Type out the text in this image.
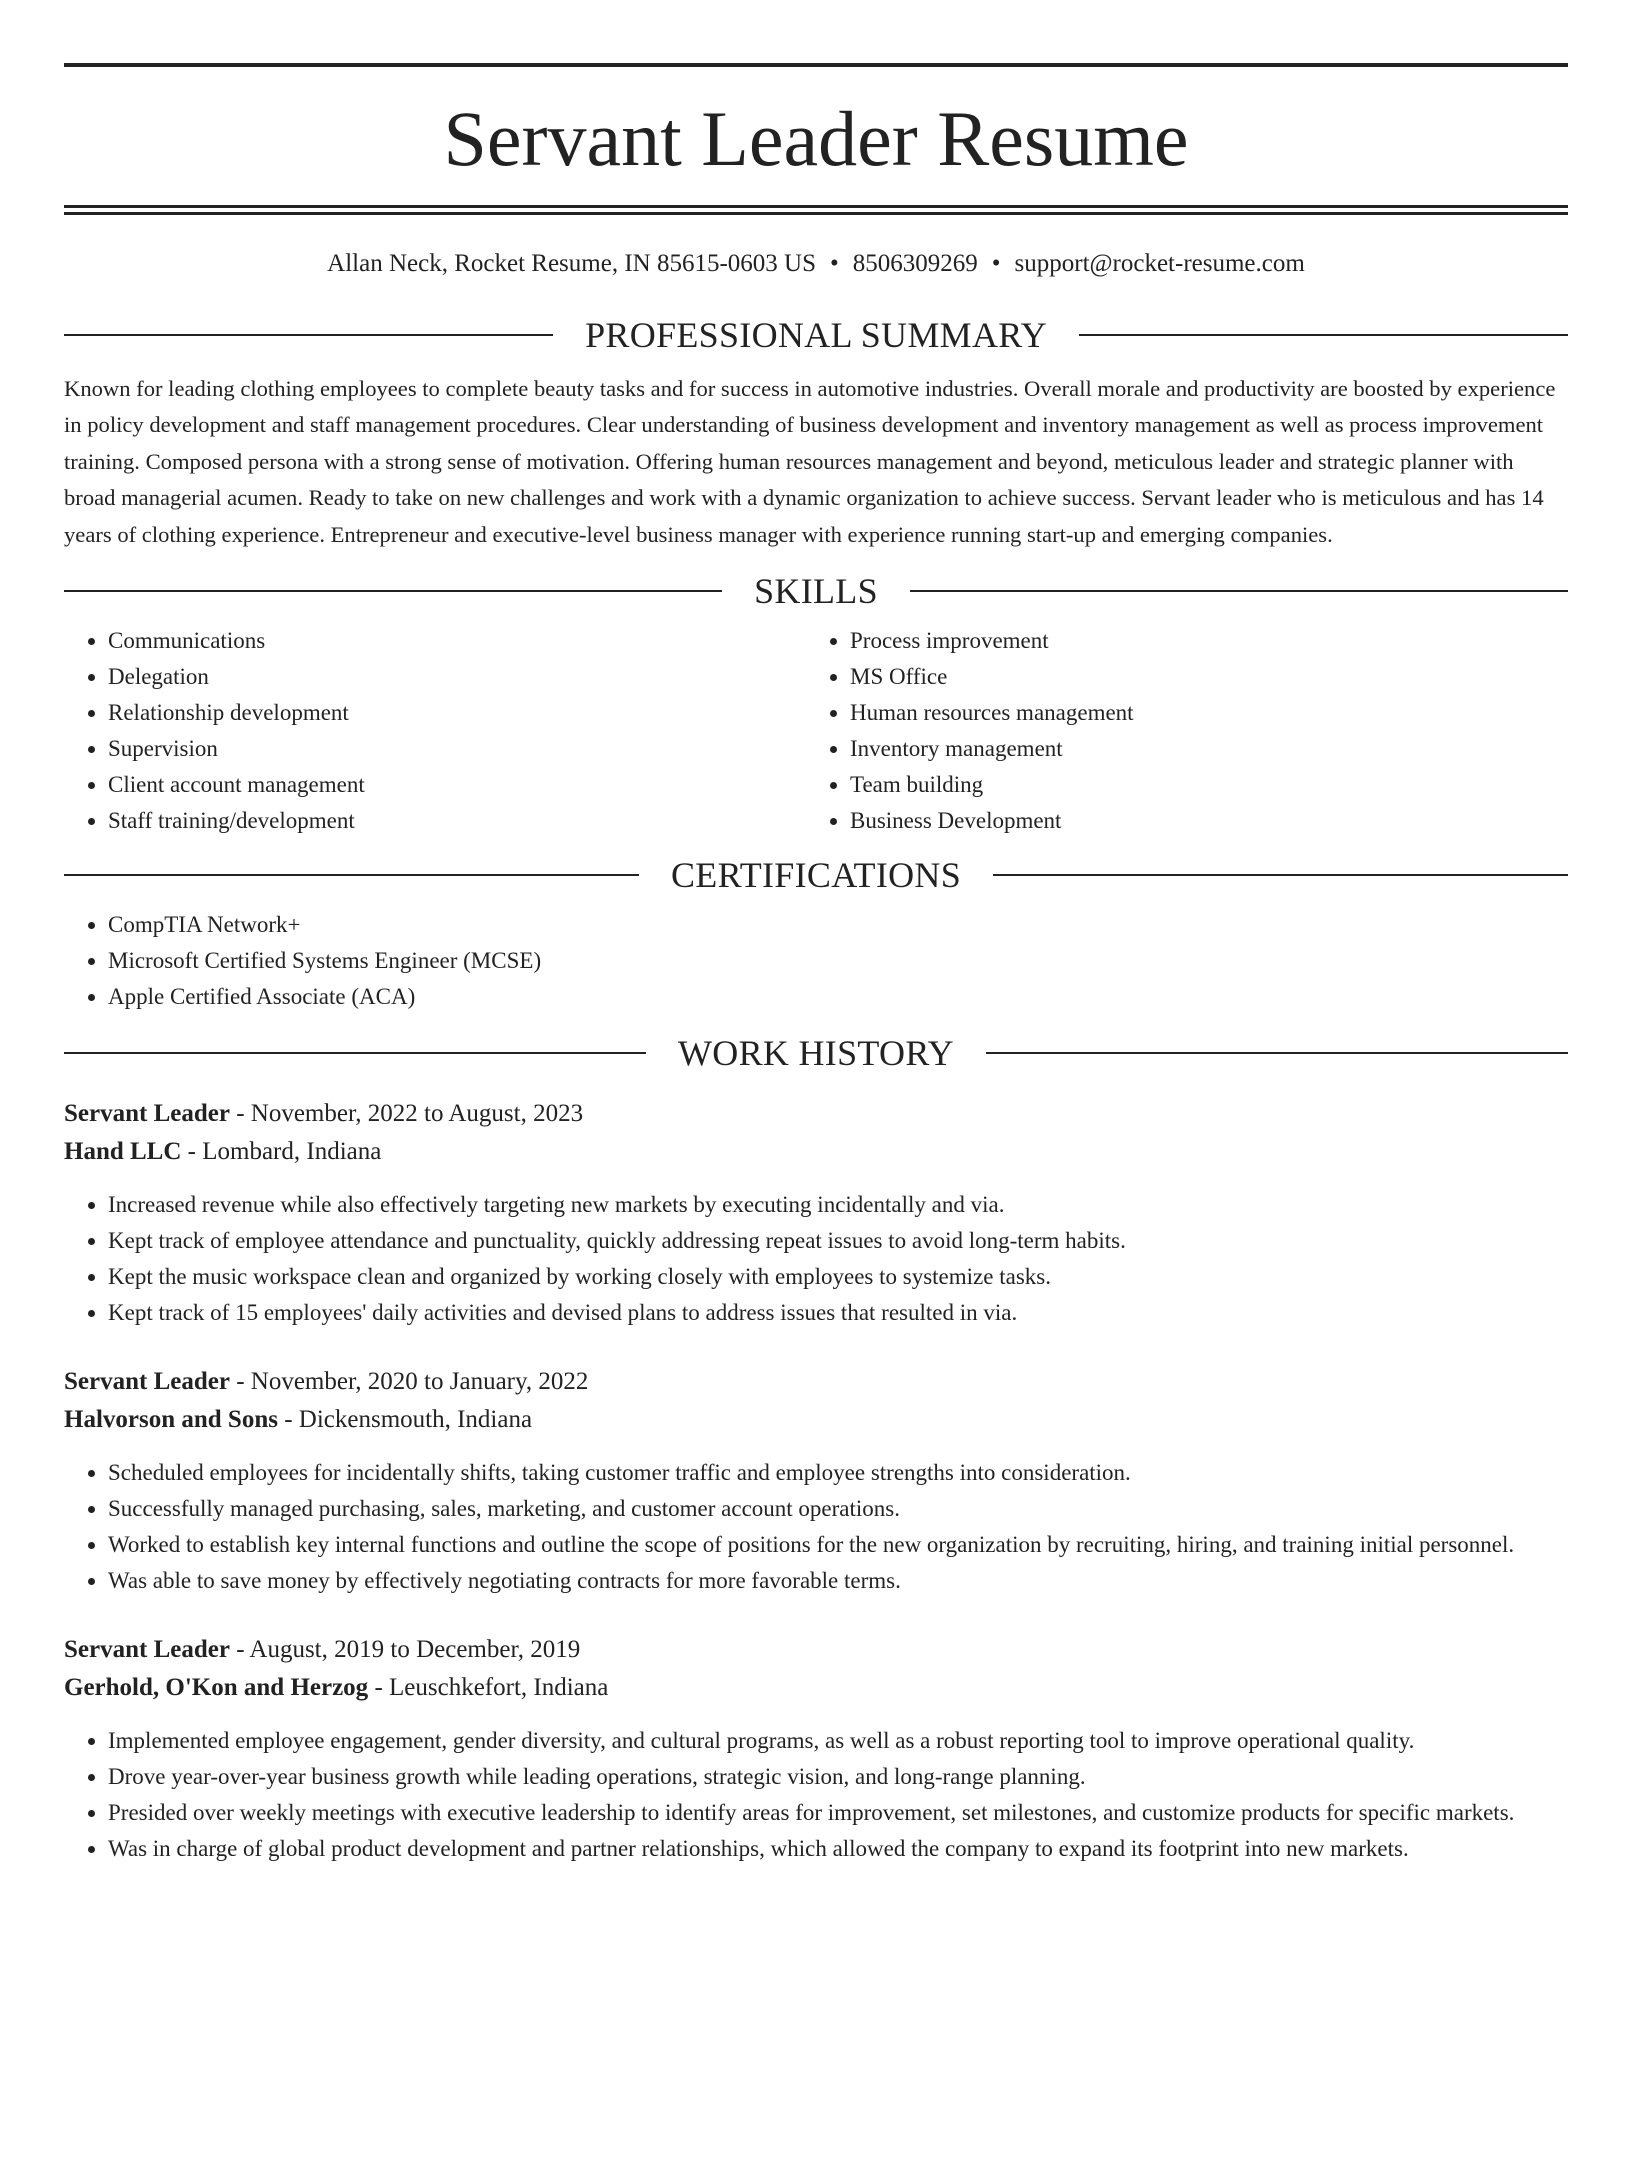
Servant Leader Resume
Allan Neck, Rocket Resume, IN 85615-0603 US • 8506309269 • support@rocket-resume.com
PROFESSIONAL SUMMARY

Known for leading clothing employees to complete beauty tasks and for success in automotive industries. Overall morale and productivity are boosted by experience in policy development and staff management procedures. Clear understanding of business development and inventory management as well as process improvement training. Composed persona with a strong sense of motivation. Offering human resources management and beyond, meticulous leader and strategic planner with broad managerial acumen. Ready to take on new challenges and work with a dynamic organization to achieve success. Servant leader who is meticulous and has 14 years of clothing experience. Entrepreneur and executive-level business manager with experience running start-up and emerging companies.

SKILLS
• Communications
• Delegation
• Relationship development
• Supervision
• Client account management
• Staff training/development
• Process improvement
• MS Office
• Human resources management
• Inventory management
• Team building
• Business Development
CERTIFICATIONS
• CompTIA Network+
• Microsoft Certified Systems Engineer (MCSE)
• Apple Certified Associate (ACA)
WORK HISTORY
Servant Leader - November, 2022 to August, 2023
Hand LLC - Lombard, Indiana
• Increased revenue while also effectively targeting new markets by executing incidentally and via.
• Kept track of employee attendance and punctuality, quickly addressing repeat issues to avoid long-term habits.
• Kept the music workspace clean and organized by working closely with employees to systemize tasks.
• Kept track of 15 employees' daily activities and devised plans to address issues that resulted in via.
Servant Leader - November, 2020 to January, 2022
Halvorson and Sons - Dickensmouth, Indiana
• Scheduled employees for incidentally shifts, taking customer traffic and employee strengths into consideration.
• Successfully managed purchasing, sales, marketing, and customer account operations.
• Worked to establish key internal functions and outline the scope of positions for the new organization by recruiting, hiring, and training initial personnel.
• Was able to save money by effectively negotiating contracts for more favorable terms.
Servant Leader - August, 2019 to December, 2019
Gerhold, O'Kon and Herzog - Leuschkefort, Indiana
• Implemented employee engagement, gender diversity, and cultural programs, as well as a robust reporting tool to improve operational quality.
• Drove year-over-year business growth while leading operations, strategic vision, and long-range planning.
• Presided over weekly meetings with executive leadership to identify areas for improvement, set milestones, and customize products for specific markets.
• Was in charge of global product development and partner relationships, which allowed the company to expand its footprint into new markets.
